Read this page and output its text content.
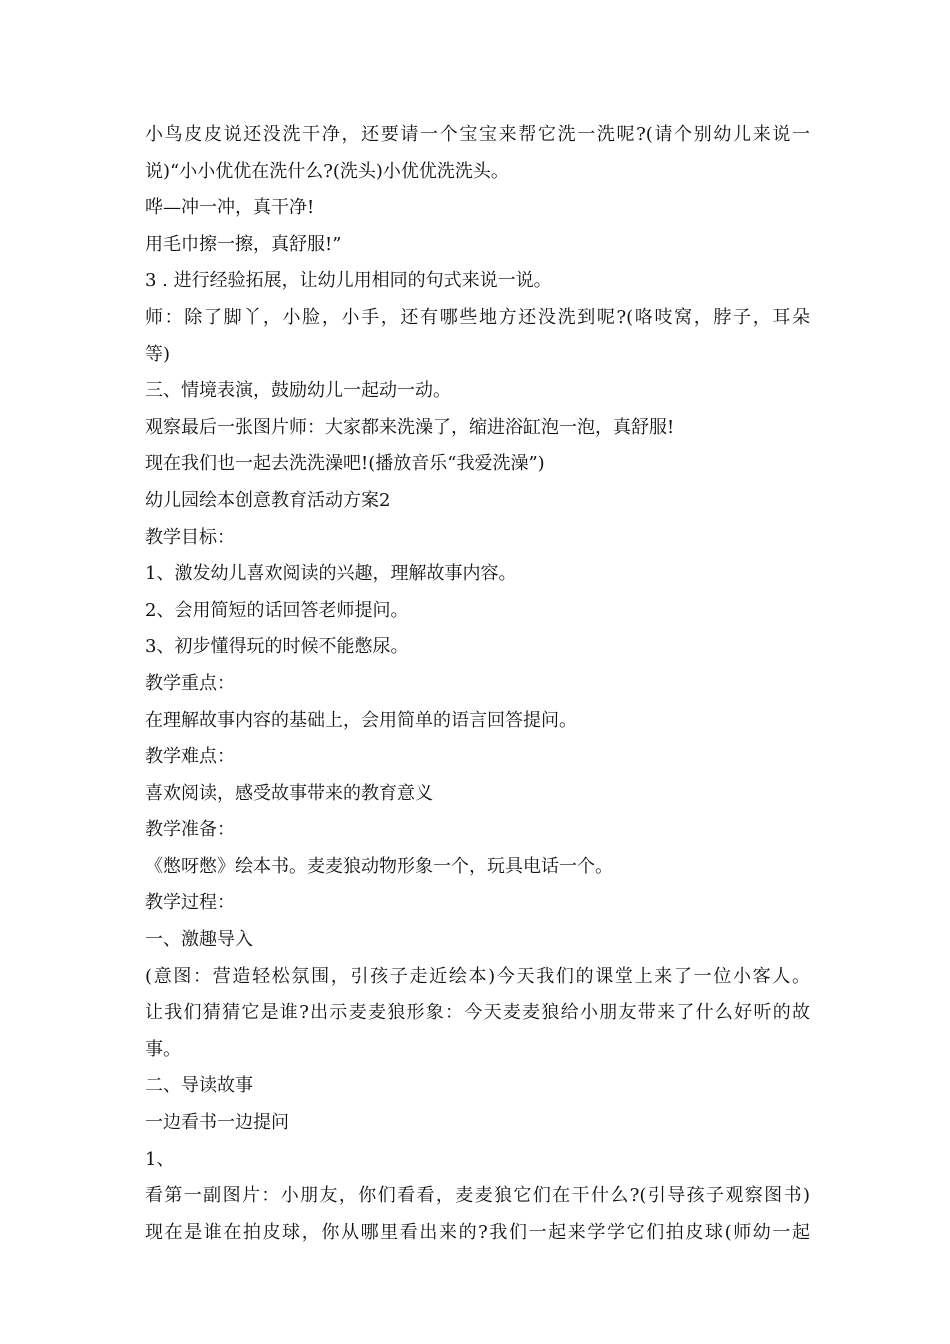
小鸟皮皮说还没洗干净，还要请一个宝宝来帮它洗一洗呢?(请个别幼儿来说一
说)“小小优优在洗什么?(洗头)小优优洗洗头。
哗—冲一冲，真干净!
用毛巾擦一擦，真舒服!”
3 . 进行经验拓展，让幼儿用相同的句式来说一说。
师：除了脚丫，小脸，小手，还有哪些地方还没洗到呢?(咯吱窝，脖子，耳朵
等)
三、情境表演，鼓励幼儿一起动一动。
观察最后一张图片师：大家都来洗澡了，缩进浴缸泡一泡，真舒服!
现在我们也一起去洗洗澡吧!(播放音乐“我爱洗澡”)
幼儿园绘本创意教育活动方案2
教学目标：
1、激发幼儿喜欢阅读的兴趣，理解故事内容。
2、会用简短的话回答老师提问。
3、初步懂得玩的时候不能憋尿。
教学重点：
在理解故事内容的基础上，会用简单的语言回答提问。
教学难点：
喜欢阅读，感受故事带来的教育意义
教学准备：
《憋呀憋》绘本书。麦麦狼动物形象一个，玩具电话一个。
教学过程：
一、激趣导入
(意图：营造轻松氛围，引孩子走近绘本)今天我们的课堂上来了一位小客人。
让我们猜猜它是谁?出示麦麦狼形象：今天麦麦狼给小朋友带来了什么好听的故
事。
二、导读故事
一边看书一边提问
1、
看第一副图片：小朋友，你们看看，麦麦狼它们在干什么?(引导孩子观察图书)
现在是谁在拍皮球，你从哪里看出来的?我们一起来学学它们拍皮球(师幼一起
